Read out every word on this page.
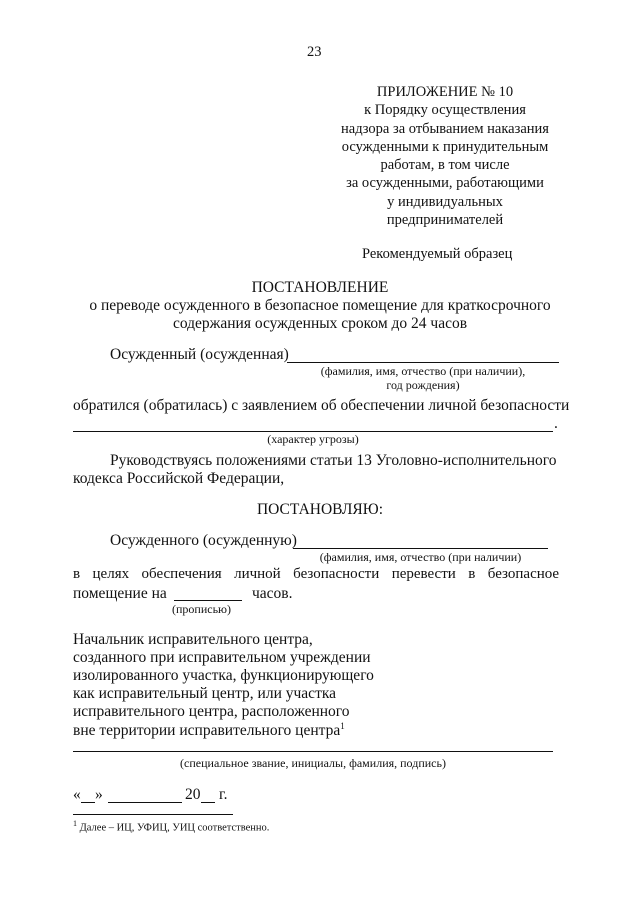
23
ПРИЛОЖЕНИЕ № 10
к Порядку осуществления
надзора за отбыванием наказания
осужденными к принудительным
работам, в том числе
за осужденными, работающими
у индивидуальных
предпринимателей
Рекомендуемый образец
ПОСТАНОВЛЕНИЕ
о переводе осужденного в безопасное помещение для краткосрочного
содержания осужденных сроком до 24 часов
Осужденный (осужденная)
(фамилия, имя, отчество (при наличии),
год рождения)
обратился (обратилась) с заявлением об обеспечении личной безопасности
.
(характер угрозы)
Руководствуясь положениями статьи 13 Уголовно-исполнительного
кодекса Российской Федерации,
ПОСТАНОВЛЯЮ:
Осужденного (осужденную)
(фамилия, имя, отчество (при наличии)
в целях обеспечения личной безопасности перевести в безопасное
помещение на	часов.
(прописью)
Начальник исправительного центра,
созданного при исправительном учреждении
изолированного участка, функционирующего
как исправительный центр, или участка
исправительного центра, расположенного
вне территории исправительного центра$^1$
(специальное звание, инициалы, фамилия, подпись)
« »	20 г.
$^1$ Далее – ИЦ, УФИЦ, УИЦ соответственно.
